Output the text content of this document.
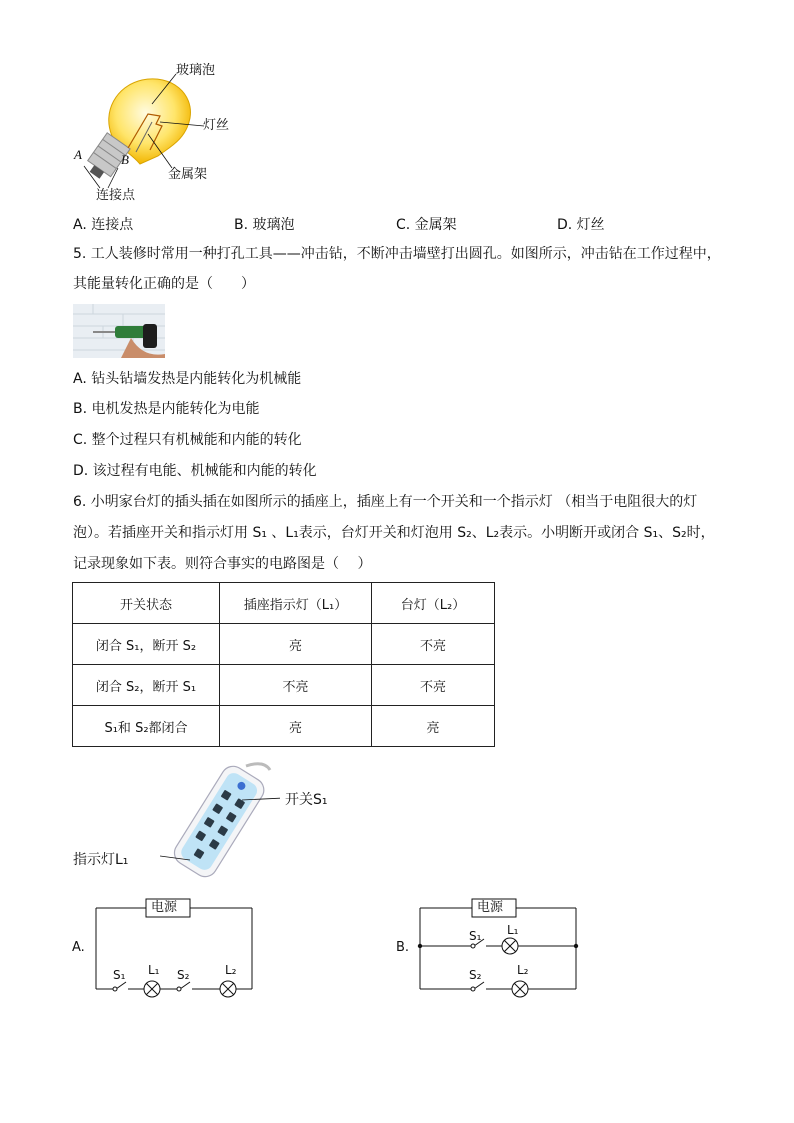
玻璃泡
灯丝
金属架
连接点
A	B
A. 连接点	B. 玻璃泡	C. 金属架	D. 灯丝
5. 工人装修时常用一种打孔工具——冲击钻，不断冲击墙壁打出圆孔。如图所示，冲击钻在工作过程中，
其能量转化正确的是（　　）
A. 钻头钻墙发热是内能转化为机械能
B. 电机发热是内能转化为电能
C. 整个过程只有机械能和内能的转化
D. 该过程有电能、机械能和内能的转化
6. 小明家台灯的插头插在如图所示的插座上，插座上有一个开关和一个指示灯 （相当于电阻很大的灯
泡）。若插座开关和指示灯用 S₁ 、L₁表示，台灯开关和灯泡用 S₂、L₂表示。小明断开或闭合 S₁、S₂时，
记录现象如下表。则符合事实的电路图是（　 ）
开关状态	插座指示灯（L₁）	台灯（L₂）
闭合 S₁，断开 S₂	亮	不亮
闭合 S₂，断开 S₁	不亮	不亮
S₁和 S₂都闭合	亮	亮
开关S₁
指示灯L₁
A.
电源
S₁ L₁ S₂	L₂
B.
电源
S₁ L₁
S₂	L₂
